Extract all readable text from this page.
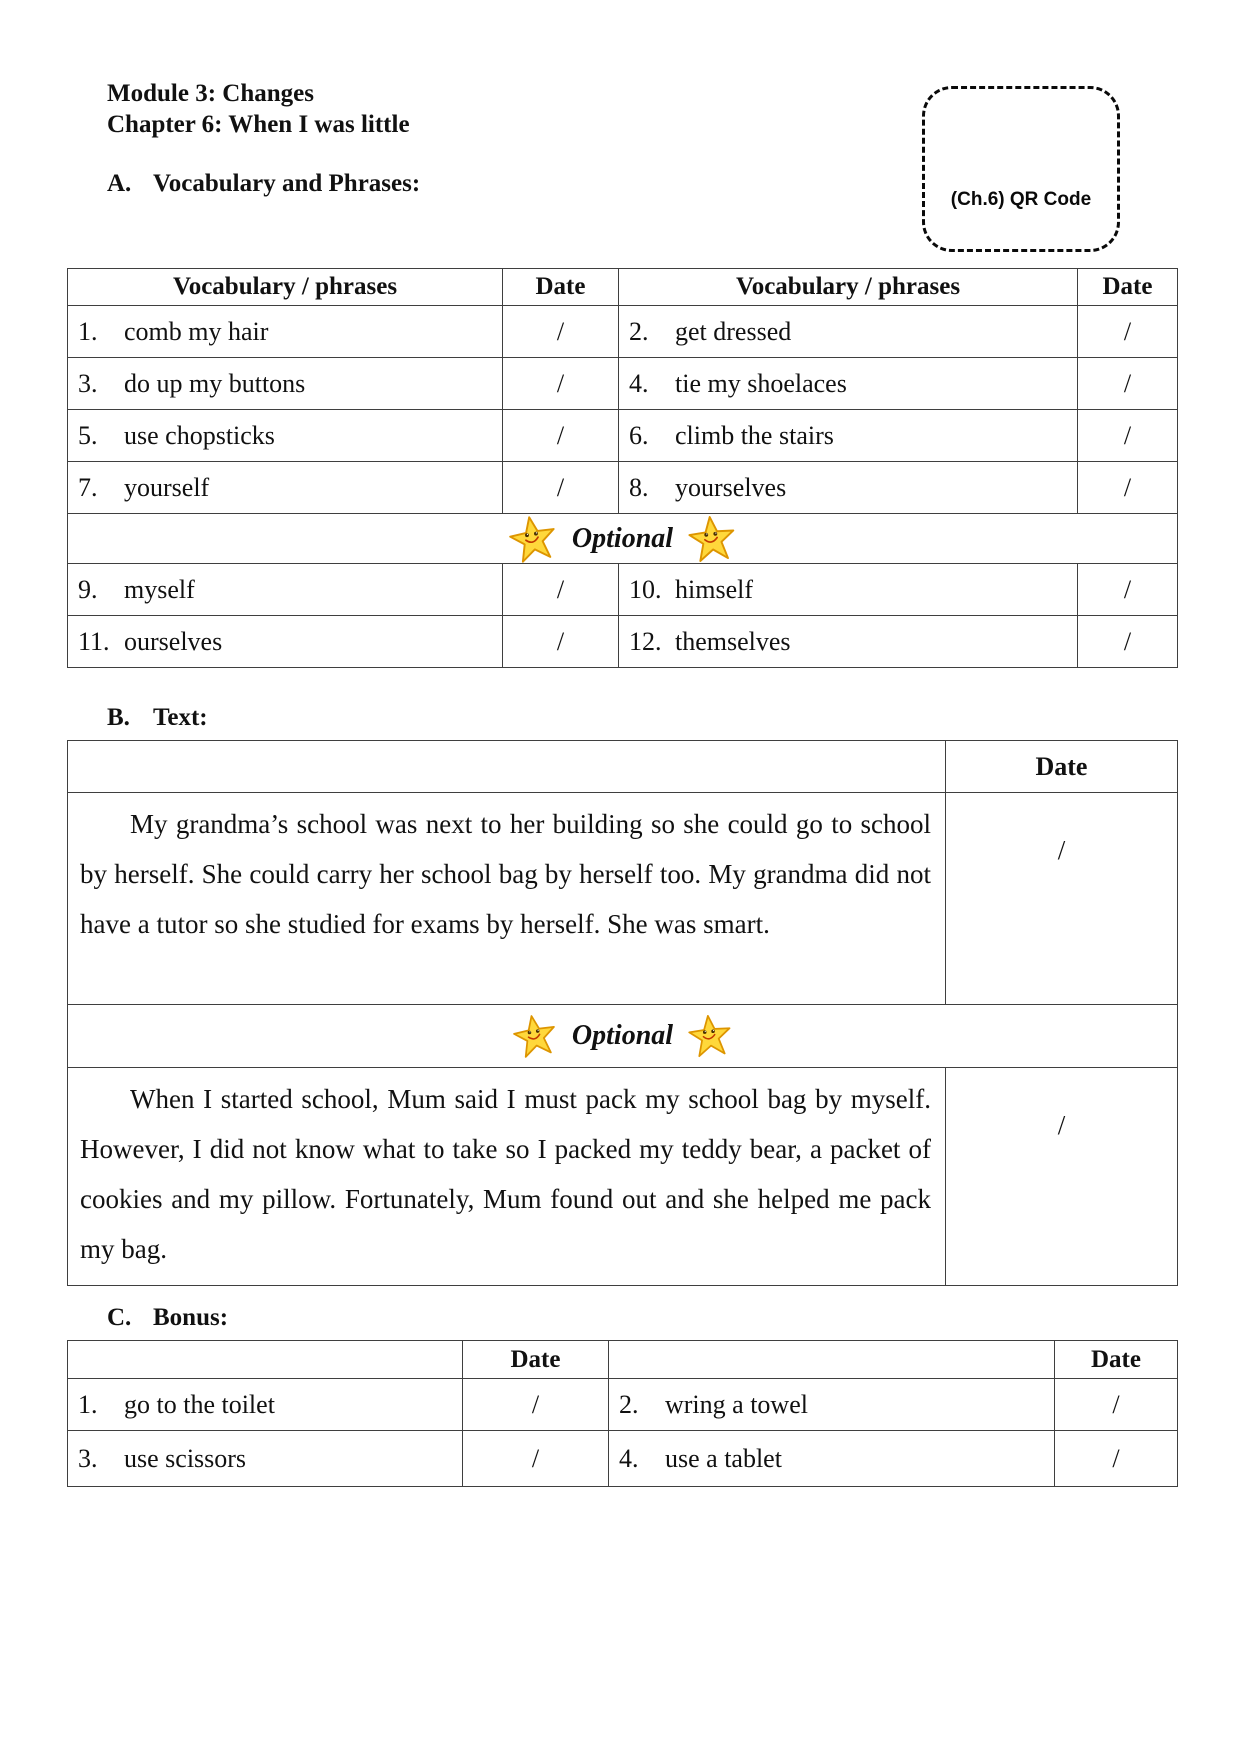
Module 3: Changes
Chapter 6: When I was little
(Ch.6) QR Code
A. Vocabulary and Phrases:
Vocabulary / phrases	Date	Vocabulary / phrases	Date
1. comb my hair	/	2. get dressed	/
3. do up my buttons	/	4. tie my shoelaces	/
5. use chopsticks	/	6. climb the stairs	/
7. yourself	/	8. yourselves	/

Optional			

9. myself	/	10. himself	/
11. ourselves	/	12. themselves	/
B. Text:
	Date

My grandma’s school was next to her building so she could go to school by herself. She could carry her school bag by herself too. My grandma did not have a tutor so she studied for exams by herself. She was smart.	/

Optional	

When I started school, Mum said I must pack my school bag by myself. However, I did not know what to take so I packed my teddy bear, a packet of cookies and my pillow. Fortunately, Mum found out and she helped me pack my bag.	/
C. Bonus:
	Date		Date
1. go to the toilet	/	2. wring a towel	/
3. use scissors	/	4. use a tablet	/
